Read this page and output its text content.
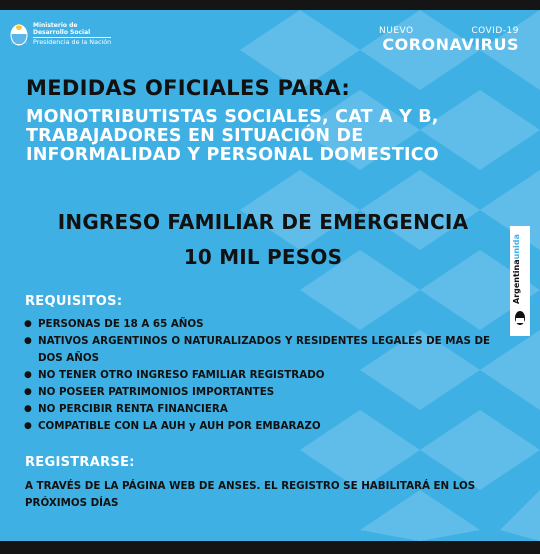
Ministerio de
Desarrollo Social
Presidencia de la Nación
NUEVO	COVID-19
CORONAVIRUS
MEDIDAS OFICIALES PARA:
MONOTRIBUTISTAS SOCIALES, CAT A Y B,
TRABAJADORES EN SITUACIÓN DE
INFORMALIDAD Y PERSONAL DOMESTICO
INGRESO FAMILIAR DE EMERGENCIA
10 MIL PESOS
Argentinaunida
REQUISITOS:
● PERSONAS DE 18 A 65 AÑOS
● NATIVOS ARGENTINOS O NATURALIZADOS Y RESIDENTES LEGALES DE MAS DE DOS AÑOS
● NO TENER OTRO INGRESO FAMILIAR REGISTRADO
● NO POSEER PATRIMONIOS IMPORTANTES
● NO PERCIBIR RENTA FINANCIERA
● COMPATIBLE CON LA AUH y AUH POR EMBARAZO
REGISTRARSE:
A TRAVÉS DE LA PÁGINA WEB DE ANSES. EL REGISTRO SE HABILITARÁ EN LOS PRÓXIMOS DÍAS
